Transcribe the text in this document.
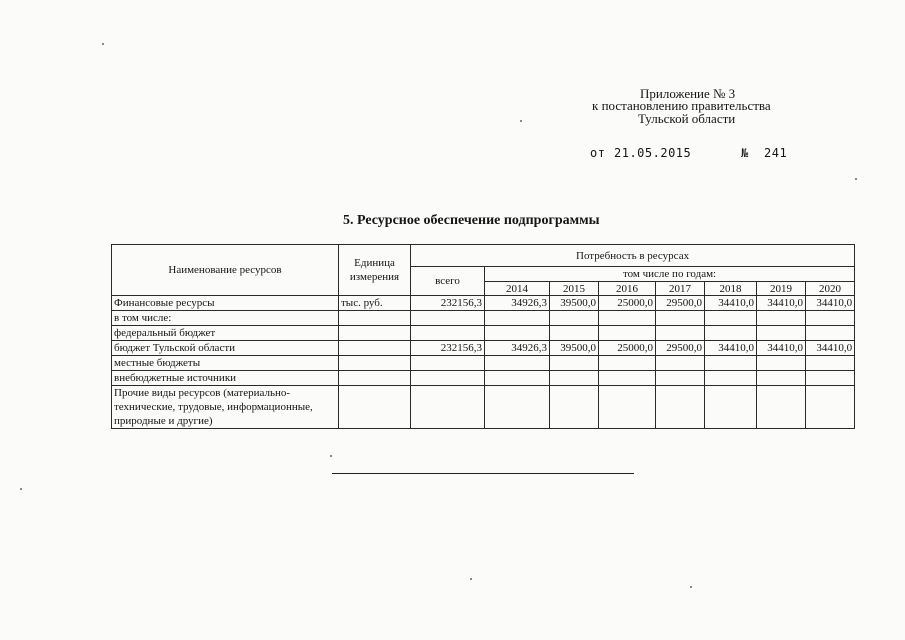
Приложение № 3
к постановлению правительства
Тульской области
от 21.05.2015	№ 241
5. Ресурсное обеспечение подпрограммы
Наименование ресурсов	Единица измерения	Потребность в ресурсах							
		всего	том числе по годам:						
			2014	2015	2016	2017	2018	2019	2020
Финансовые ресурсы	тыс. руб.	232156,3	34926,3	39500,0	25000,0	29500,0	34410,0	34410,0	34410,0
в том числе:									
федеральный бюджет									
бюджет Тульской области		232156,3	34926,3	39500,0	25000,0	29500,0	34410,0	34410,0	34410,0
местные бюджеты									
внебюджетные источники									
Прочие виды ресурсов (материально-технические, трудовые, информационные, природные и другие)									
